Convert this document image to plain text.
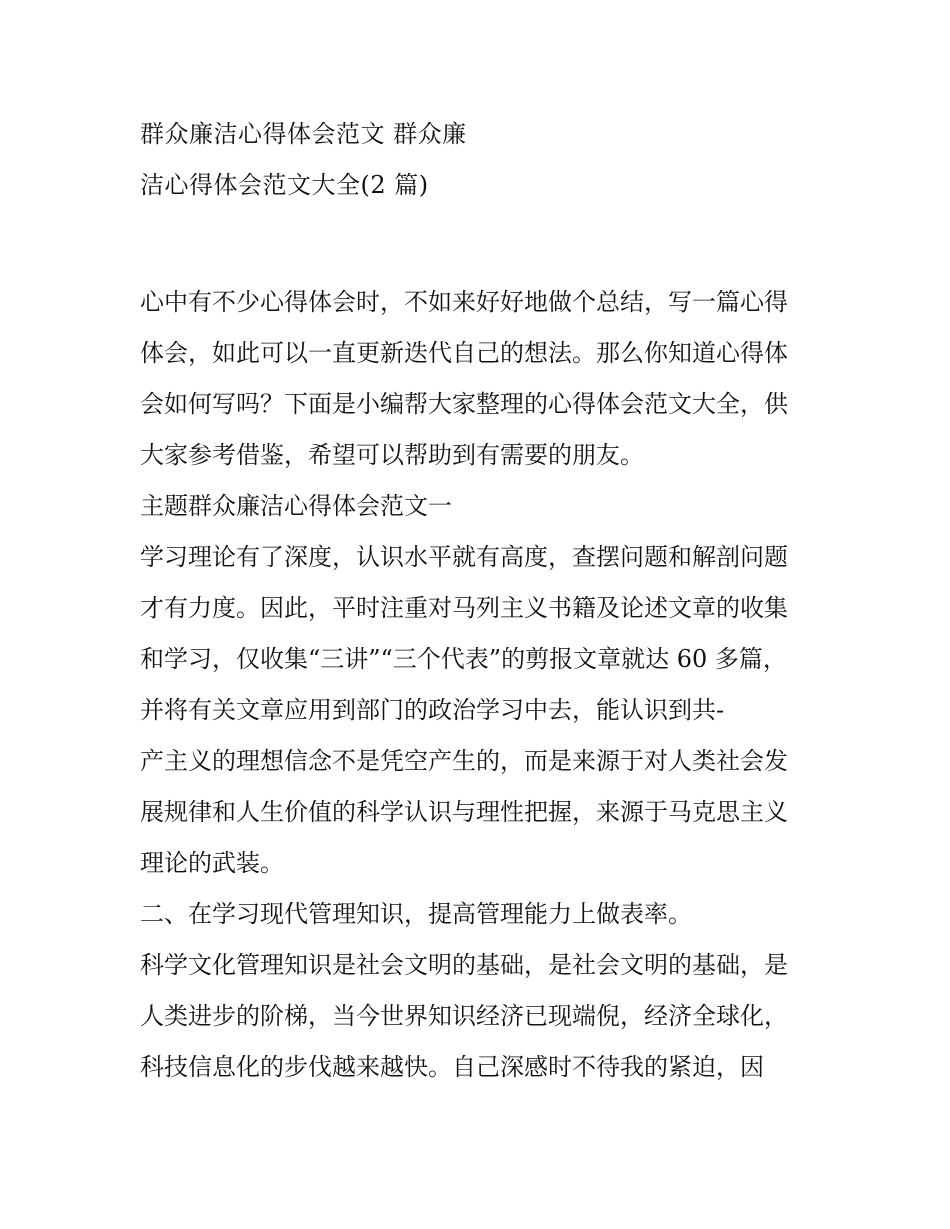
群众廉洁心得体会范文 群众廉
洁心得体会范文大全(2 篇)
心中有不少心得体会时，不如来好好地做个总结，写一篇心得
体会，如此可以一直更新迭代自己的想法。那么你知道心得体
会如何写吗？下面是小编帮大家整理的心得体会范文大全，供
大家参考借鉴，希望可以帮助到有需要的朋友。
主题群众廉洁心得体会范文一
学习理论有了深度，认识水平就有高度，查摆问题和解剖问题
才有力度。因此，平时注重对马列主义书籍及论述文章的收集
和学习，仅收集“三讲”“三个代表”的剪报文章就达 60 多篇，
并将有关文章应用到部门的政治学习中去，能认识到共-
产主义的理想信念不是凭空产生的，而是来源于对人类社会发
展规律和人生价值的科学认识与理性把握，来源于马克思主义
理论的武装。
二、在学习现代管理知识，提高管理能力上做表率。
科学文化管理知识是社会文明的基础，是社会文明的基础，是
人类进步的阶梯，当今世界知识经济已现端倪，经济全球化，
科技信息化的步伐越来越快。自己深感时不待我的紧迫，因
